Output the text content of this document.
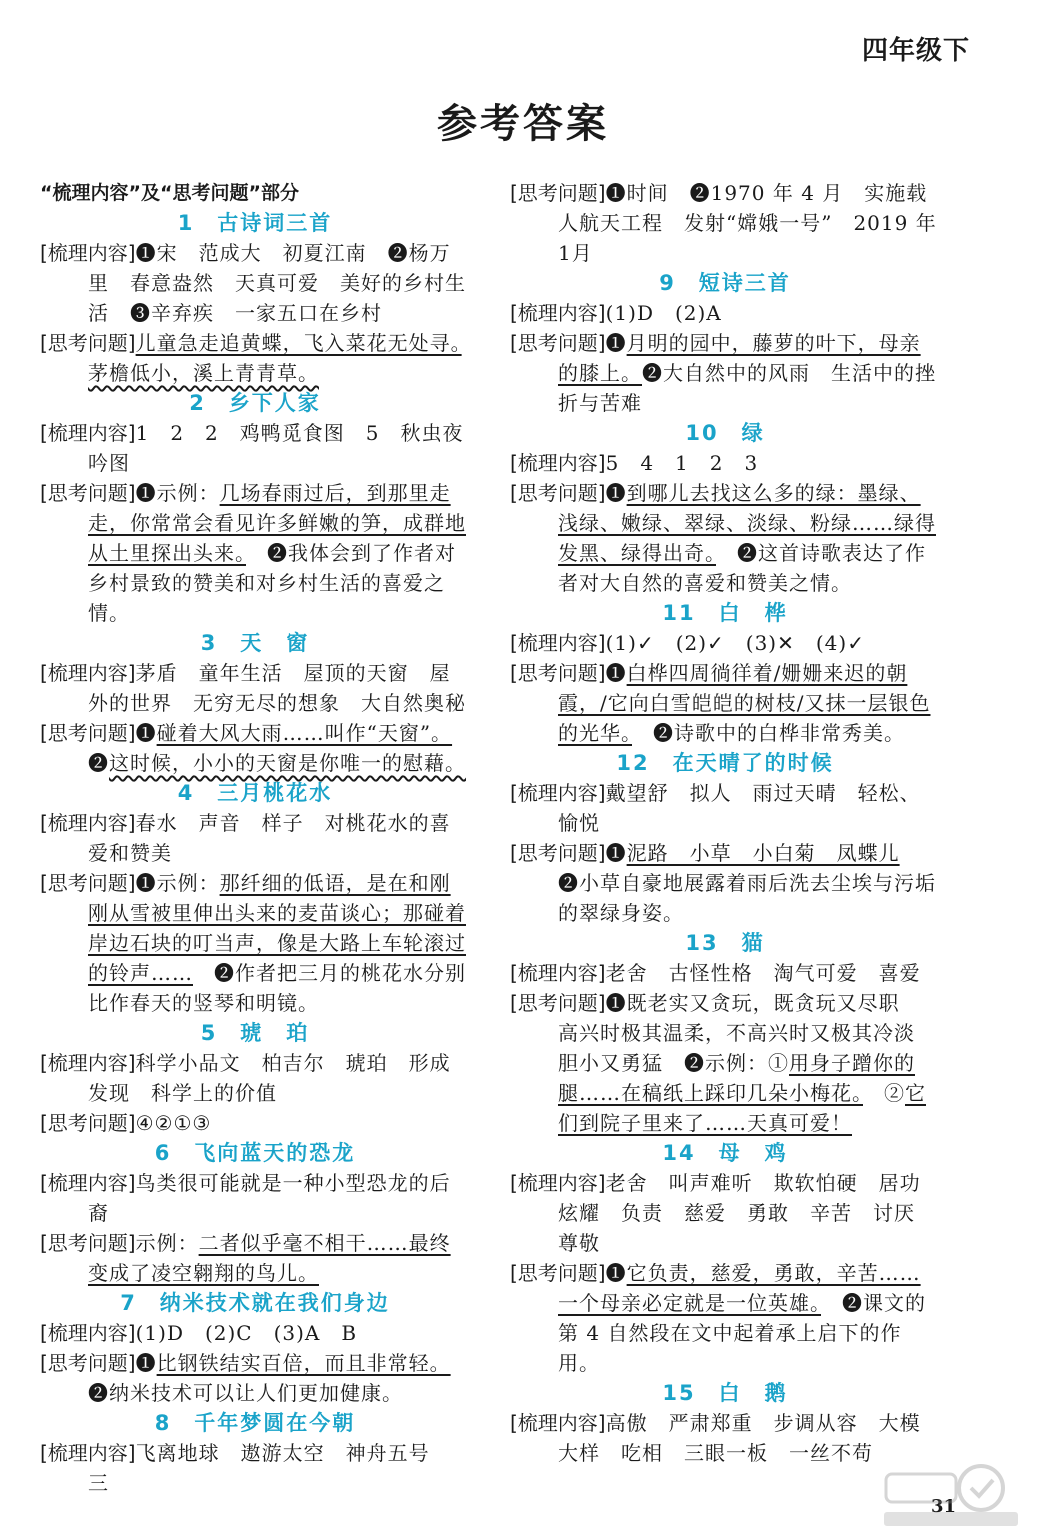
四年级下
参考答案
“梳理内容”及“思考问题”部分
1　古诗词三首
[梳理内容]❶宋　范成大　初夏江南　❷杨万里　春意盎然　天真可爱　美好的乡村生活　❸辛弃疾　一家五口在乡村
[思考问题]儿童急走追黄蝶，飞入菜花无处寻。　茅檐低小，溪上青青草。
2　乡下人家
[梳理内容]1　2　2　鸡鸭觅食图　5　秋虫夜吟图
[思考问题]❶示例：几场春雨过后，到那里走走，你常常会看见许多鲜嫩的笋，成群地从土里探出头来。　 ❷我体会到了作者对乡村景致的赞美和对乡村生活的喜爱之情。
3　天　窗
[梳理内容]茅盾　童年生活　屋顶的天窗　屋外的世界　无穷无尽的想象　大自然奥秘
[思考问题]❶碰着大风大雨……叫作“天窗”。
❷这时候，小小的天窗是你唯一的慰藉。
4　三月桃花水
[梳理内容]春水　声音　样子　对桃花水的喜爱和赞美
[思考问题]❶示例：那纤细的低语，是在和刚刚从雪被里伸出头来的麦苗谈心；那碰着岸边石块的叮当声，像是大路上车轮滚过的铃声……　❷作者把三月的桃花水分别比作春天的竖琴和明镜。
5　琥　珀
[梳理内容]科学小品文　柏吉尔　琥珀　形成　发现　科学上的价值
[思考问题]④②①③
6　飞向蓝天的恐龙
[梳理内容]鸟类很可能就是一种小型恐龙的后裔
[思考问题]示例：二者似乎毫不相干……最终变成了凌空翱翔的鸟儿。
7　纳米技术就在我们身边
[梳理内容](1)D　(2)C　(3)A　B
[思考问题]❶比钢铁结实百倍，而且非常轻。
❷纳米技术可以让人们更加健康。
8　千年梦圆在今朝
[梳理内容]飞离地球　遨游太空　神舟五号　三
[思考问题]❶时间　❷1970 年 4 月　实施载人航天工程　发射“嫦娥一号”　2019 年 1月
9　短诗三首
[梳理内容](1)D　(2)A
[思考问题]❶月明的园中，藤萝的叶下，母亲的膝上。❷大自然中的风雨　生活中的挫折与苦难
10　绿
[梳理内容]5　4　1　2　3
[思考问题]❶到哪儿去找这么多的绿：墨绿、浅绿、嫩绿、翠绿、淡绿、粉绿……绿得发黑、绿得出奇。　❷这首诗歌表达了作者对大自然的喜爱和赞美之情。
11　白　桦
[梳理内容](1)✓　(2)✓　(3)✕　(4)✓
[思考问题]❶白桦四周徜徉着/姗姗来迟的朝霞，/它向白雪皑皑的树枝/又抹一层银色的光华。　 ❷诗歌中的白桦非常秀美。
12　在天晴了的时候
[梳理内容]戴望舒　拟人　雨过天晴　轻松、愉悦
[思考问题]❶泥路　小草　小白菊　凤蝶儿
❷小草自豪地展露着雨后洗去尘埃与污垢的翠绿身姿。
13　猫
[梳理内容]老舍　古怪性格　淘气可爱　喜爱
[思考问题]❶既老实又贪玩，既贪玩又尽职　高兴时极其温柔，不高兴时又极其冷淡　胆小又勇猛　❷示例：①用身子蹭你的腿……在稿纸上踩印几朵小梅花。　②它们到院子里来了……天真可爱！
14　母　鸡
[梳理内容]老舍　叫声难听　欺软怕硬　居功炫耀　负责　慈爱　勇敢　辛苦　讨厌　尊敬
[思考问题]❶它负责，慈爱，勇敢，辛苦……一个母亲必定就是一位英雄。　❷课文的第 4 自然段在文中起着承上启下的作用。
15　白　鹅
[梳理内容]高傲　严肃郑重　步调从容　大模大样　吃相　三眼一板　一丝不苟
31
